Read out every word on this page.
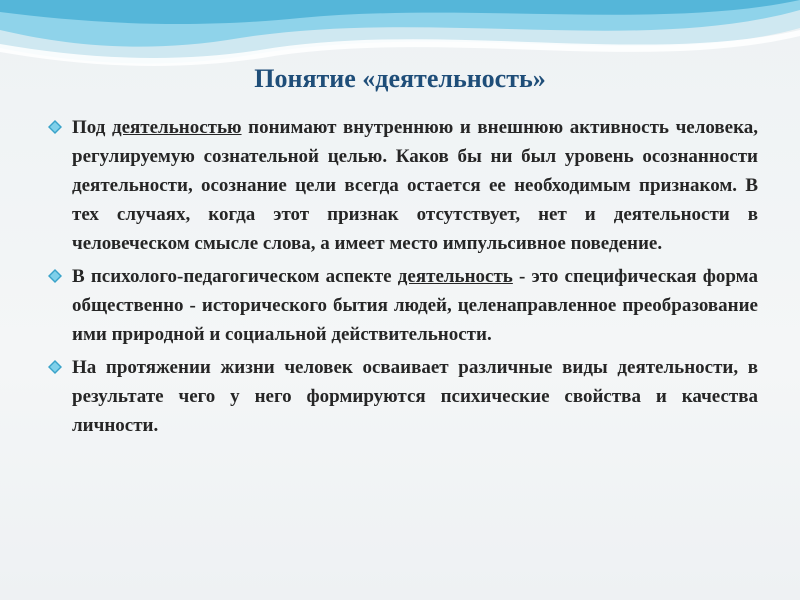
Понятие «деятельность»
Под деятельностью понимают внутреннюю и внешнюю активность человека, регулируемую сознательной целью. Каков бы ни был уровень осознанности деятельности, осознание цели всегда остается ее необходимым признаком. В тех случаях, когда этот признак отсутствует, нет и деятельности в человеческом смысле слова, а имеет место импульсивное поведение.
В психолого-педагогическом аспекте деятельность - это специфическая форма общественно - исторического бытия людей, целенаправленное преобразование ими природной и социальной действительности.
На протяжении жизни человек осваивает различные виды деятельности, в результате чего у него формируются психические свойства и качества личности.
